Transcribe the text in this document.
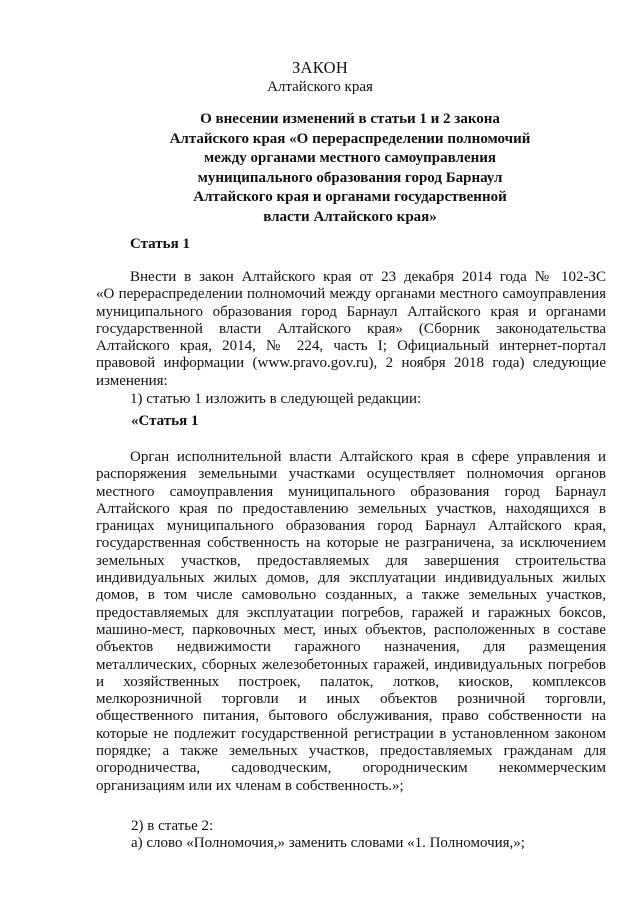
ЗАКОН
Алтайского края
О внесении изменений в статьи 1 и 2 закона
Алтайского края «О перераспределении полномочий
между органами местного самоуправления
муниципального образования город Барнаул
Алтайского края и органами государственной
власти Алтайского края»
Статья 1
Внести в закон Алтайского края от 23 декабря 2014 года № 102-ЗС
«О перераспределении полномочий между органами местного самоуправления
муниципального образования город Барнаул Алтайского края и органами
государственной власти Алтайского края» (Сборник законодательства
Алтайского края, 2014, № 224, часть I; Официальный интернет-портал
правовой информации (www.pravo.gov.ru), 2 ноября 2018 года) следующие
изменения:
1) статью 1 изложить в следующей редакции:
«Статья 1
Орган исполнительной власти Алтайского края в сфере управления и
распоряжения земельными участками осуществляет полномочия органов
местного самоуправления муниципального образования город Барнаул
Алтайского края по предоставлению земельных участков, находящихся в
границах муниципального образования город Барнаул Алтайского края,
государственная собственность на которые не разграничена, за исключением
земельных участков, предоставляемых для завершения строительства
индивидуальных жилых домов, для эксплуатации индивидуальных жилых
домов, в том числе самовольно созданных, а также земельных участков,
предоставляемых для эксплуатации погребов, гаражей и гаражных боксов,
машино-мест, парковочных мест, иных объектов, расположенных в составе
объектов недвижимости гаражного назначения, для размещения
металлических, сборных железобетонных гаражей, индивидуальных погребов
и хозяйственных построек, палаток, лотков, киосков, комплексов
мелкорозничной торговли и иных объектов розничной торговли,
общественного питания, бытового обслуживания, право собственности на
которые не подлежит государственной регистрации в установленном законом
порядке; а также земельных участков, предоставляемых гражданам для
огородничества, садоводческим, огородническим некоммерческим
организациям или их членам в собственность.»;
2) в статье 2:
а) слово «Полномочия,» заменить словами «1. Полномочия,»;
